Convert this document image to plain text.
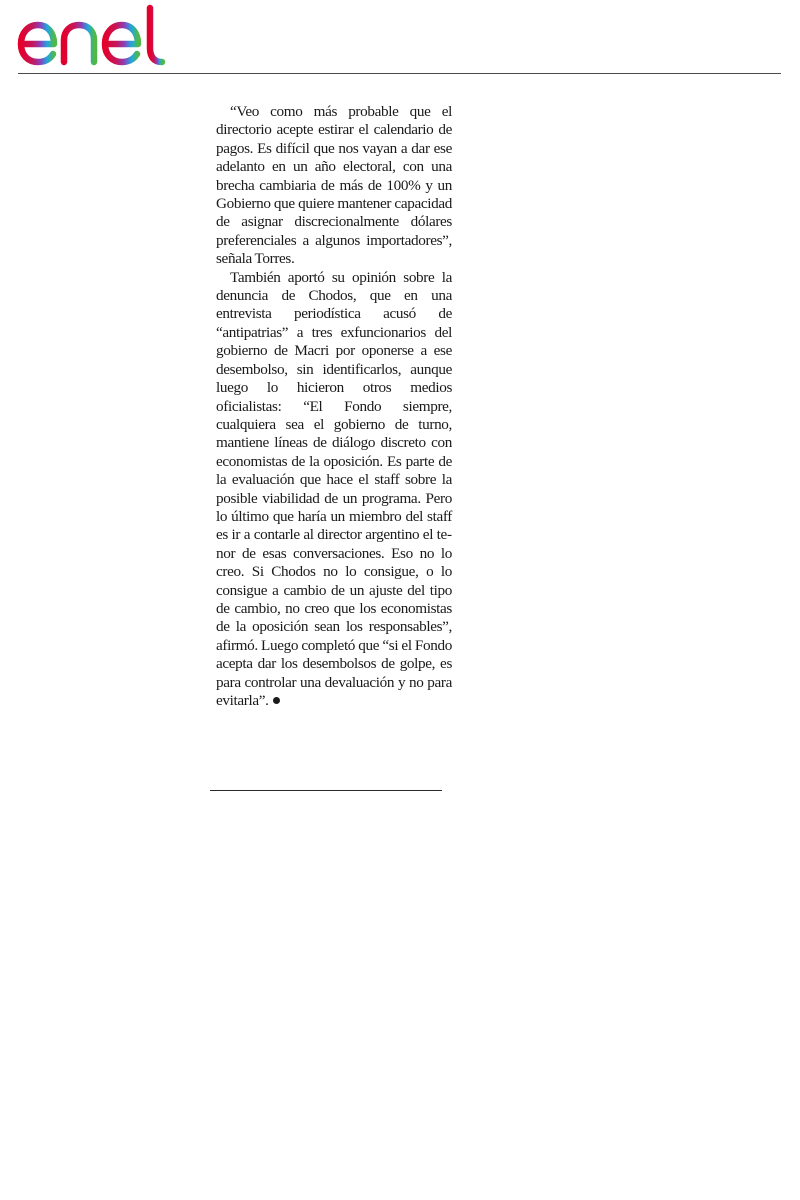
“Veo como más probable que el directorio acepte estirar el calendario de pagos. Es difícil que nos vayan a dar ese adelanto en un año electoral, con una brecha cambiaria de más de 100% y un Gobierno que quiere mantener capacidad de asignar discrecionalmente dólares preferenciales a algunos importadores”, señala Torres.

También aportó su opinión sobre la denuncia de Chodos, que en una entrevista periodística acusó de “antipatrias” a tres exfuncionarios del gobierno de Macri por oponerse a ese desembolso, sin identificarlos, aunque luego lo hicieron otros medios oficialistas: “El Fondo siempre, cualquiera sea el gobierno de turno, mantiene líneas de diálogo discreto con economistas de la oposición. Es parte de la evaluación que hace el staff sobre la posible viabilidad de un programa. Pero lo último que haría un miembro del staff es ir a contarle al director argentino el tenor de esas conversaciones. Eso no lo creo. Si Chodos no lo consigue, o lo consigue a cambio de un ajuste del tipo de cambio, no creo que los economistas de la oposición sean los responsables”, afirmó. Luego completó que “si el Fondo acepta dar los desembolsos de golpe, es para controlar una devaluación y no para evitarla”.
